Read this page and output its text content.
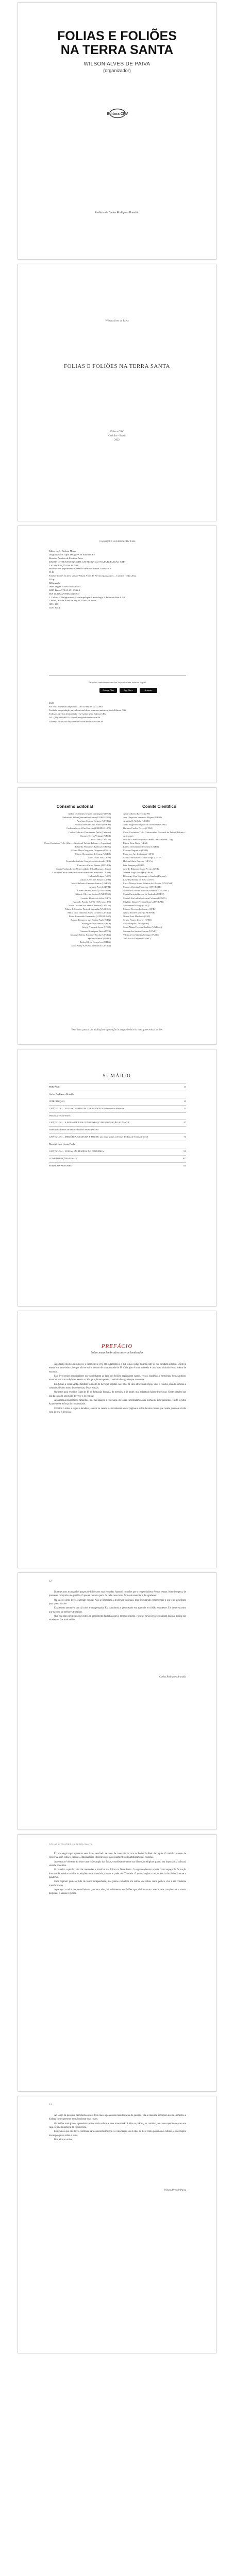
FOLIAS E FOLIÕES
NA TERRA SANTA
WILSON ALVES DE PAIVA
(organizador)
Editora CRV
Prefácio de Carlos Rodrigues Brandão
Wilson Alves de Paiva
FOLIAS E FOLIÕES NA TERRA SANTA
Editora CRV
Curitiba – Brasil
2022
Copyright © da Editora CRV Ltda.
Editor-chefe: Railson Moura
Diagramação e Capa: Designers da Editora CRV
Revisão: Analista de Escrita e Artes
DADOS INTERNACIONAIS DE CATALOGAÇÃO NA PUBLICAÇÃO (CIP)
CATALOGAÇÃO NA FONTE
Bibliotecária responsável: Luzenira Alves dos Santos CRB9/1506
P149
Folias e foliões na terra santa / Wilson Alves de Paiva (organizador). – Curitiba : CRV, 2022.
116 p.
Bibliografia
ISBN Digital 978-65-251-2948-4
ISBN Físico 978-65-251-2946-0
DOI 10.24824/978652512946.0
1. Cultura 2. Religiosidade 3. Antropologia 4. Sociologia 5. Folias de Reis 6. Fé
I. Paiva, Wilson Alves de. org. II. Título III. Série
CDU 398
CDD 306.4
Esta obra também encontra-se disponível em formato digital.
Google Play	App Store	Amazon
2022
Foi feito o depósito legal conf. Lei 10.994 de 14/12/2004
Proibida a reprodução parcial ou total desta obra sem autorização da Editora CRV
Todos os direitos desta edição reservados pela: Editora CRV
Tel.: (41) 3039-6418 - E-mail: sac@editoracrv.com.br
Conheça os nossos lançamentos: www.editoracrv.com.br
Conselho Editorial
Aldira Guimarães Duarte Domínguez (UNB)
Andréia da Silva Quintanilha Sousa (UNIR/UFRN)
Anselmo Alencar Colares (UFOPA)
Antônio Pereira Gaio Júnior (UFRRJ)
Carlos Alberto Vilar Estêvão (UMINHO – PT)
Carlos Federico Dominguez Avila (Unieuro)
Carmen Tereza Velanga (UNIR)
Celso Conti (UFSCar)
Cesar Gerónimo Tello (Univer. Nacional Três de Febrero – Argentina)
Eduardo Fernandes Barbosa (UFMG)
Elione Maria Nogueira Diogenes (UFAL)
Elizeu Clementino de Souza (UNEB)
Élsio José Corá (UFFS)
Fernando Antônio Gonçalves Alcoforado (IPB)
Francisco Carlos Duarte (PUC-PR)
Gloria Fariñas León (Universidade de La Havana – Cuba)
Guillermo Arias Beatón (Universidade de La Havana – Cuba)
Helmuth Krüger (UCP)
Jailson Alves dos Santos (UFRJ)
João Adalberto Campato Junior (UNESP)
Josania Portela (UFPI)
Leonel Severo Rocha (UNISINOS)
Lídia de Oliveira Xavier (UNIEURO)
Lourdes Helena da Silva (UFV)
Marcelo Paixão (UFRJ e UTexas – US)
Maria Cristina dos Santos Bezerra (UFSCar)
Maria de Lourdes Pinto de Almeida (UNOESC)
Maria Lília Imbiriba Sousa Colares (UFOPA)
Paulo Romualdo Hernandes (UNIFAL-MG)
Renato Francisco dos Santos Paula (UFG)
Rodrigo Pratte-Santos (UFES)
Sérgio Nunes de Jesus (IFRO)
Simone Rodrigues Pinto (UNB)
Solange Helena Ximenes-Rocha (UFOPA)
Sydione Santos (UEPG)
Tadeu Oliver Gonçalves (UFPA)
Tania Suely Azevedo Brasileiro (UFOPA)
Comitê Científico
Altair Alberto Fávero (UPF)
Ana Chrystina Venancio Mignot (UERJ)
Andréia N. Militão (UEMS)
Anna Augusta Sampaio de Oliveira (UNESP)
Barbara Coelho Neves (UFBA)
Cesar Gerónimo Tello (Universidad Nacional de Três de Febrero – Argentina)
Diosnel Centurion (Univ Americ. de Asunción – Py)
Eliane Rose Maio (UEM)
Elizeu Clementino de Souza (UNEB)
Fauston Negreiros (UFPI)
Francisco Ari de Andrade (UFC)
Gláucia Maria dos Santos Jorge (UFOP)
Helena Maria Ferreira (UFLA)
Inês Bragança (UERJ)
José de Ribamar Sousa Pereira (UCB)
Jussara Fraga Portugal (UNEB)
Kilwangy Kya Kapitango-a-Samba (Unemat)
Lourdes Helena da Silva (UFV)
Lucia Marisy Souza Ribeiro de Oliveira (UNIVASF)
Marcos Vinicius Francisco (UNOESTE)
Maria de Lourdes Pinto de Almeida (UNOESC)
Maria Eurácia Barreto de Andrade (UFRB)
Maria Lília Imbiriba Sousa Colares (UFOPA)
Míghian Danae Ferreira Nunes (UNILAB)
Mohammed Elhajji (UFRJ)
Mônica Pereira dos Santos (UFRJ)
Najela Tavares Ujiie (UNESPAR)
Nilson José Machado (USP)
Sérgio Nunes de Jesus (IFRO)
Silvia Regina Canan (URI)
Sonia Maria Ferreira Koehler (UNISAL)
Suzana dos Santos Gomes (UFMG)
Vânia Alves Martins Chaigar (FURG)
Vera Lucia Gaspar (UDESC)
Este livro passou por avaliação e aprovação às cegas de dois ou mais pareceristas ad hoc.
SUMÁRIO
PREFÁCIO	11
Carlos Rodrigues Brandão
INTRODUÇÃO	13
CAPÍTULO 1 – FOLIAS DE REIS NA TERRA SANTA: Memórias e histórias	21
Wilson Alves de Paiva
CAPÍTULO 2 – A FOLIA DE REIS COMO ESPAÇO DE FORMAÇÃO HUMANA	47
Alessandra Lemos de Jesus e Wilson Alves de Paiva
CAPÍTULO 3 – MEMÓRIA, CULTURA E PODER: um olhar sobre as Folias de Reis de Trindade (GO)	73
Elias Alves de Souza Paula
CAPÍTULO 4 – FOLIAS EM TEMPOS DE PANDEMIA	93
CONSIDERAÇÕES FINAIS	107
SOBRE OS AUTORES	113
PREFÁCIO
Sobre meus lembrados entre os lembrados

As origens dos pesquisadores e o lugar que se vive em cada tempo é o que torna o olhar distinto entre os que estudam as folias. Quem já esteve em uma delas sabe que não se sai o mesmo de uma jornada de fé. Cada giro é uma travessia e cada casa visitada é uma oferta de encontro.

Este livro reúne pesquisadores que caminharam ao lado dos foliões, registraram cantos, versos, bandeiras e memórias. Seus capítulos mostram como a tradição se renova a cada geração sem perder o sentido do sagrado que a sustenta.

Em Goiás, a Terra Santa é também território de devoção popular. As Folias de Reis atravessam roças, vilas e cidades, unindo famílias e comunidades em torno de promessas, festas e rezas.

Os textos aqui reunidos falam de fé, de formação humana, de memória e de poder, mas sobretudo falam de pessoas. Gente simples que faz da cantoria um modo de viver e de ensinar.

A pandemia interrompeu caminhos, mas não apagou a esperança. As folias encontraram novas formas de estar presentes, e este registro é parte desse esforço de continuidade.

Convido o leitor a seguir a bandeira, a ouvir os versos e a reconhecer nestas páginas o valor de uma cultura que resiste porque é vivida com alegria e devoção.

12

Durante anos acompanhei grupos de foliões em suas jornadas. Aprendi com eles que o tempo da festa é outro tempo, feito de espera, de promessa cumprida e de partilha. O que se canta na porta de cada casa é uma forma de anunciar e de agradecer.

Os autores deste livro souberam escutar. Não se limitaram a descrever os rituais, mas procuraram compreender o que eles significam para quem os vive.

Essa escuta atenta é o que dá valor a uma pesquisa. Ela transforma o pesquisador em aprendiz e o folião em mestre. E é deste encontro que nascem os melhores trabalhos.

Que esta obra sirva para que outros se aproximem das folias com o mesmo respeito, e que as novas gerações saibam guardar aquilo que recebemos dos mais velhos.

Carlos Rodrigues Brandão
FOLIAS E FOLIÕES NA TERRA SANTA

É com alegria que apresento este livro, resultado de anos de convivência com as Folias de Reis da região. O trabalho nasceu de conversas com foliões, capitães, embaixadores e festeiros que generosamente compartilharam suas histórias.

A proposta é oferecer ao leitor uma visão ampla das folias, considerando tanto sua dimensão religiosa quanto sua importância cultural, social e educativa.

O primeiro capítulo trata das memórias e histórias das folias na Terra Santa. O segundo discute a folia como espaço de formação humana. O terceiro analisa as relações entre memória, cultura e poder em Trindade. O quarto registra a experiência das folias durante a pandemia.

Cada capítulo pode ser lido de forma independente, mas juntos compõem um retrato das folias como prática viva e em constante transformação.

Agradeço a todos que contribuíram para esta obra, especialmente aos foliões que abriram suas casas e seus corações para nossas perguntas e nossos registros.

14

Ao longo da pesquisa percebemos que a folia não é apenas uma manifestação do passado. Ela se atualiza, incorpora novos elementos e dialoga com o presente sem abandonar suas raízes.

Os foliões mais jovens aprendem com os mais velhos, e essa transmissão é feita na prática, no caminho, no canto repetido de casa em casa. É uma pedagogia da convivência.

Esperamos que este livro contribua para o reconhecimento e a valorização das Folias de Reis como patrimônio cultural, e que inspire novas pesquisas sobre o tema.

Boa leitura a todos.

Wilson Alves de Paiva
